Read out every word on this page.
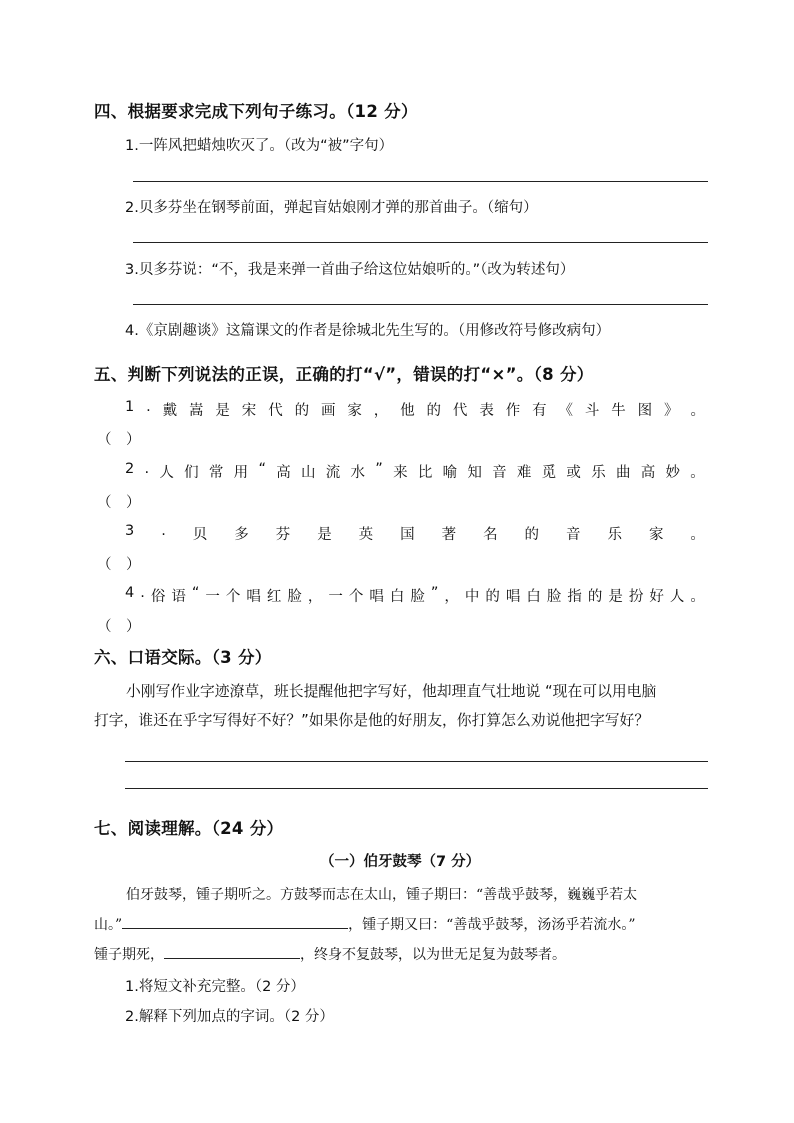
四、根据要求完成下列句子练习。（12 分）
1.一阵风把蜡烛吹灭了。（改为“被”字句）
2.贝多芬坐在钢琴前面，弹起盲姑娘刚才弹的那首曲子。（缩句）
3.贝多芬说：“不，我是来弹一首曲子给这位姑娘听的。”（改为转述句）
4.《京剧趣谈》这篇课文的作者是徐城北先生写的。（用修改符号修改病句）
五、判断下列说法的正误，正确的打“√”，错误的打“×”。（8 分）
1 . 戴 嵩 是 宋 代 的 画 家 ， 他 的 代 表 作 有 《 斗 牛 图 》 。
（　）
2 . 人 们 常 用 “ 高 山 流 水 ” 来 比 喻 知 音 难 觅 或 乐 曲 高 妙 。
（　）
3 . 贝 多 芬 是 英 国 著 名 的 音 乐 家 。
（　）
4 . 俗 语 “ 一 个 唱 红 脸 ， 一 个 唱 白 脸 ” ， 中 的 唱 白 脸 指 的 是 扮 好 人 。
（　）
六、口语交际。（3 分）
小刚写作业字迹潦草，班长提醒他把字写好，他却理直气壮地说 “现在可以用电脑
打字，谁还在乎字写得好不好？”如果你是他的好朋友，你打算怎么劝说他把字写好？
七、阅读理解。（24 分）
（一）伯牙鼓琴（7 分）
伯牙鼓琴，锺子期听之。方鼓琴而志在太山，锺子期曰：“善哉乎鼓琴，巍巍乎若太
山。”	，锺子期又曰：“善哉乎鼓琴，汤汤乎若流水。”
锺子期死，	，终身不复鼓琴，以为世无足复为鼓琴者。
1.将短文补充完整。（2 分）
2.解释下列加点的字词。（2 分）
